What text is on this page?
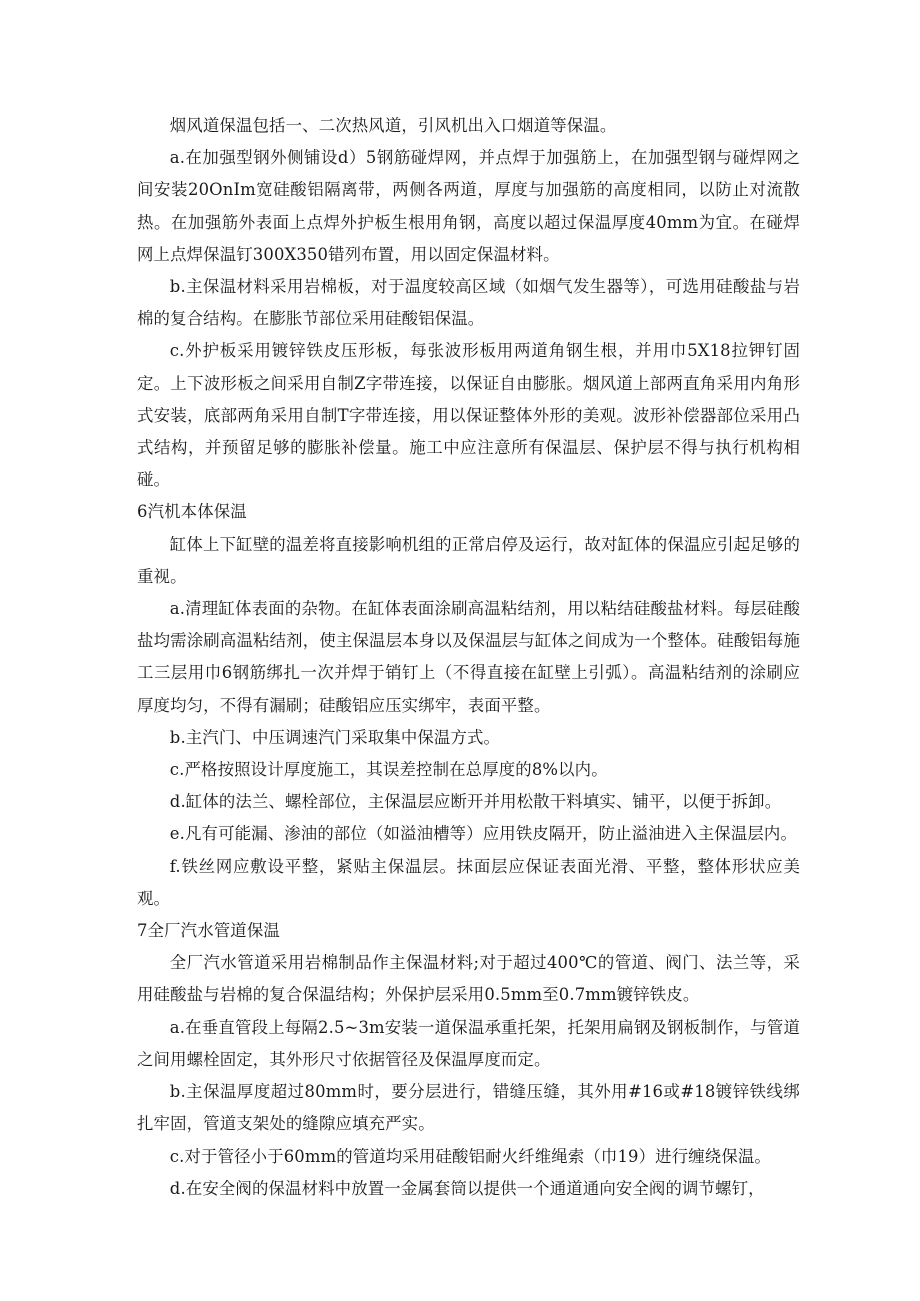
烟风道保温包括一、二次热风道，引风机出入口烟道等保温。

a.在加强型钢外侧铺设d）5钢筋碰焊网，并点焊于加强筋上，在加强型钢与碰焊网之间安装20OnIm宽硅酸铝隔离带，两侧各两道，厚度与加强筋的高度相同，以防止对流散热。在加强筋外表面上点焊外护板生根用角钢，高度以超过保温厚度40mm为宜。在碰焊网上点焊保温钉300X350错列布置，用以固定保温材料。

b.主保温材料采用岩棉板，对于温度较高区域（如烟气发生器等），可选用硅酸盐与岩棉的复合结构。在膨胀节部位采用硅酸铝保温。

c.外护板采用镀锌铁皮压形板，每张波形板用两道角钢生根，并用巾5X18拉钾钉固定。上下波形板之间采用自制Z字带连接，以保证自由膨胀。烟风道上部两直角采用内角形式安装，底部两角采用自制T字带连接，用以保证整体外形的美观。波形补偿器部位采用凸式结构，并预留足够的膨胀补偿量。施工中应注意所有保温层、保护层不得与执行机构相碰。

6汽机本体保温

缸体上下缸壁的温差将直接影响机组的正常启停及运行，故对缸体的保温应引起足够的重视。

a.清理缸体表面的杂物。在缸体表面涂刷高温粘结剂，用以粘结硅酸盐材料。每层硅酸盐均需涂刷高温粘结剂，使主保温层本身以及保温层与缸体之间成为一个整体。硅酸铝每施工三层用巾6钢筋绑扎一次并焊于销钉上（不得直接在缸壁上引弧）。高温粘结剂的涂刷应厚度均匀，不得有漏刷；硅酸铝应压实绑牢，表面平整。

b.主汽门、中压调速汽门采取集中保温方式。

c.严格按照设计厚度施工，其误差控制在总厚度的8%以内。

d.缸体的法兰、螺栓部位，主保温层应断开并用松散干料填实、铺平，以便于拆卸。

e.凡有可能漏、渗油的部位（如溢油槽等）应用铁皮隔开，防止溢油进入主保温层内。

f.铁丝网应敷设平整，紧贴主保温层。抹面层应保证表面光滑、平整，整体形状应美观。

7全厂汽水管道保温

全厂汽水管道采用岩棉制品作主保温材料;对于超过400℃的管道、阀门、法兰等，采用硅酸盐与岩棉的复合保温结构；外保护层采用0.5mm至0.7mm镀锌铁皮。

a.在垂直管段上每隔2.5~3m安装一道保温承重托架，托架用扁钢及钢板制作，与管道之间用螺栓固定，其外形尺寸依据管径及保温厚度而定。

b.主保温厚度超过80mm时，要分层进行，错缝压缝，其外用#16或#18镀锌铁线绑扎牢固，管道支架处的缝隙应填充严实。

c.对于管径小于60mm的管道均采用硅酸铝耐火纤维绳索（巾19）进行缠绕保温。

d.在安全阀的保温材料中放置一金属套筒以提供一个通道通向安全阀的调节螺钉，
